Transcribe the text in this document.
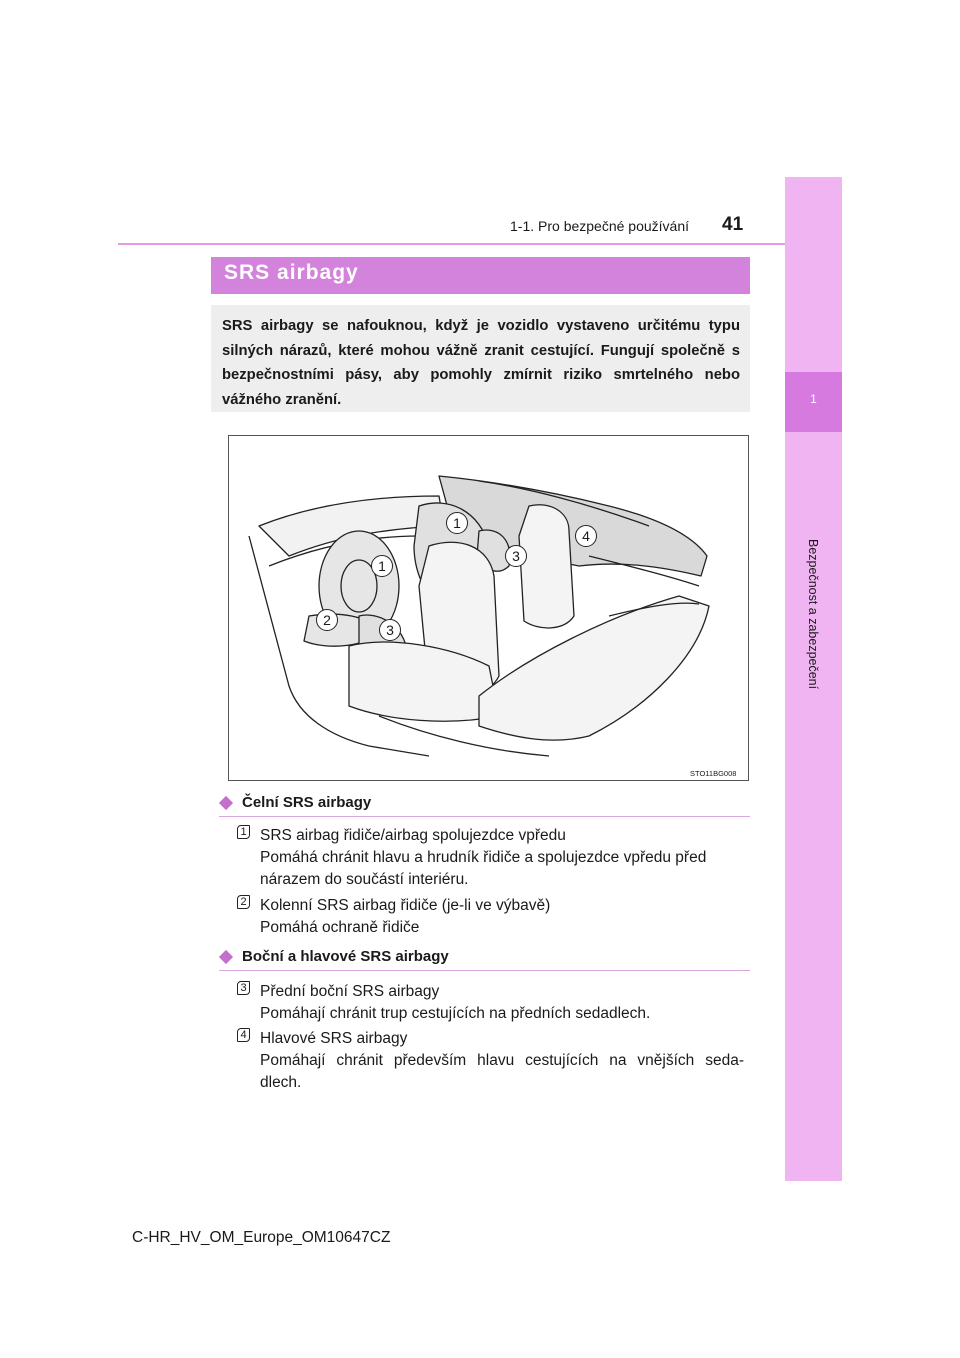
1-1. Pro bezpečné používání 41
1
Bezpečnost a zabezpečení
SRS airbagy
SRS airbagy se nafouknou, když je vozidlo vystaveno určitému typu silných nárazů, které mohou vážně zranit cestující. Fungují společně s bezpečnostními pásy, aby pomohly zmírnit riziko smrtelného nebo vážného zranění.
1
1
2
3
3
4
STO11BG008
Čelní SRS airbagy
1 SRS airbag řidiče/airbag spolujezdce vpředu
Pomáhá chránit hlavu a hrudník řidiče a spolujezdce vpředu před
nárazem do součástí interiéru.
2 Kolenní SRS airbag řidiče (je-li ve výbavě)
Pomáhá ochraně řidiče
Boční a hlavové SRS airbagy
3 Přední boční SRS airbagy
Pomáhají chránit trup cestujících na předních sedadlech.
4 Hlavové SRS airbagy
Pomáhají chránit především hlavu cestujících na vnějších seda-
dlech.
C-HR_HV_OM_Europe_OM10647CZ
